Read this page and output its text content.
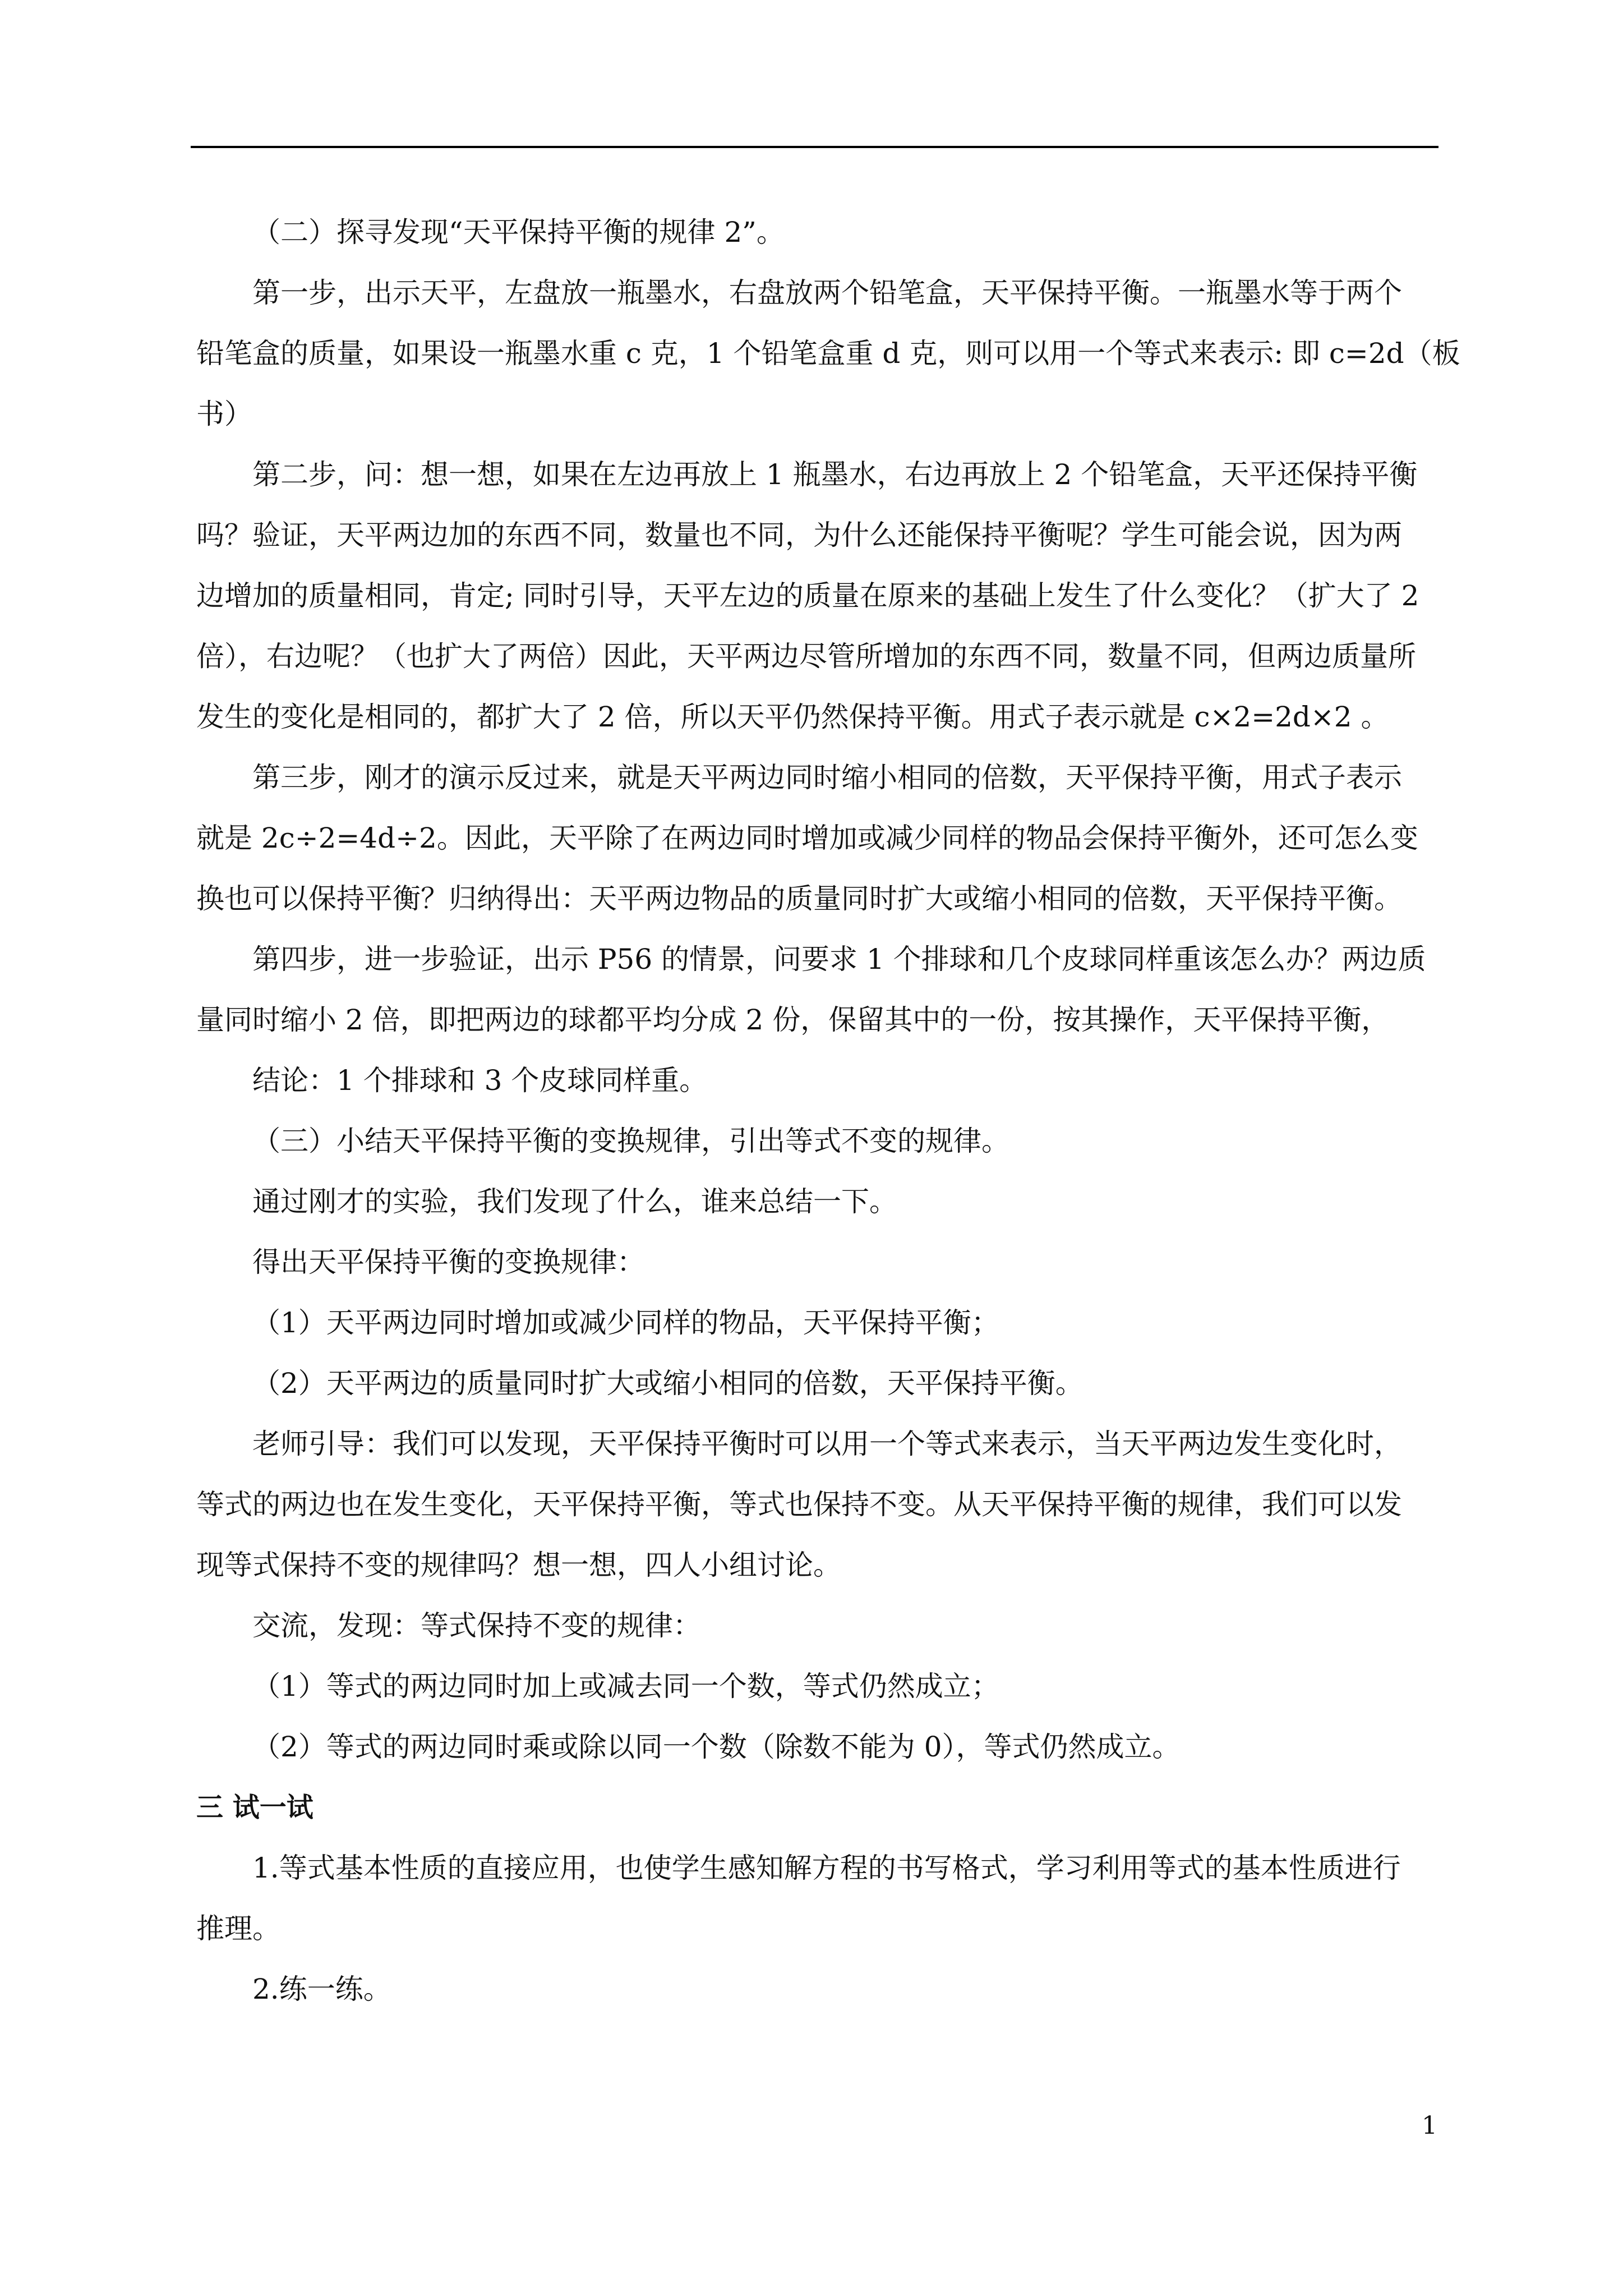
（二）探寻发现“天平保持平衡的规律 2”。

第一步，出示天平，左盘放一瓶墨水，右盘放两个铅笔盒，天平保持平衡。一瓶墨水等于两个

铅笔盒的质量，如果设一瓶墨水重 c 克，1 个铅笔盒重 d 克，则可以用一个等式来表示: 即 c=2d（板

书）

第二步，问：想一想，如果在左边再放上 1 瓶墨水，右边再放上 2 个铅笔盒，天平还保持平衡

吗？验证，天平两边加的东西不同，数量也不同，为什么还能保持平衡呢？学生可能会说，因为两

边增加的质量相同，肯定; 同时引导，天平左边的质量在原来的基础上发生了什么变化？（扩大了 2

倍），右边呢？（也扩大了两倍）因此，天平两边尽管所增加的东西不同，数量不同，但两边质量所

发生的变化是相同的，都扩大了 2 倍，所以天平仍然保持平衡。用式子表示就是 c×2=2d×2 。

第三步，刚才的演示反过来，就是天平两边同时缩小相同的倍数，天平保持平衡，用式子表示

就是 2c÷2=4d÷2。因此，天平除了在两边同时增加或减少同样的物品会保持平衡外，还可怎么变

换也可以保持平衡？归纳得出：天平两边物品的质量同时扩大或缩小相同的倍数，天平保持平衡。

第四步，进一步验证，出示 P56 的情景，问要求 1 个排球和几个皮球同样重该怎么办？两边质

量同时缩小 2 倍，即把两边的球都平均分成 2 份，保留其中的一份，按其操作，天平保持平衡，

结论：1 个排球和 3 个皮球同样重。

（三）小结天平保持平衡的变换规律，引出等式不变的规律。

通过刚才的实验，我们发现了什么，谁来总结一下。

得出天平保持平衡的变换规律：

（1）天平两边同时增加或减少同样的物品，天平保持平衡；

（2）天平两边的质量同时扩大或缩小相同的倍数，天平保持平衡。

老师引导：我们可以发现，天平保持平衡时可以用一个等式来表示，当天平两边发生变化时，

等式的两边也在发生变化，天平保持平衡，等式也保持不变。从天平保持平衡的规律，我们可以发

现等式保持不变的规律吗？想一想，四人小组讨论。

交流，发现：等式保持不变的规律：

（1）等式的两边同时加上或减去同一个数，等式仍然成立；

（2）等式的两边同时乘或除以同一个数（除数不能为 0），等式仍然成立。

三 试一试

1.等式基本性质的直接应用，也使学生感知解方程的书写格式，学习利用等式的基本性质进行

推理。

2.练一练。

1
